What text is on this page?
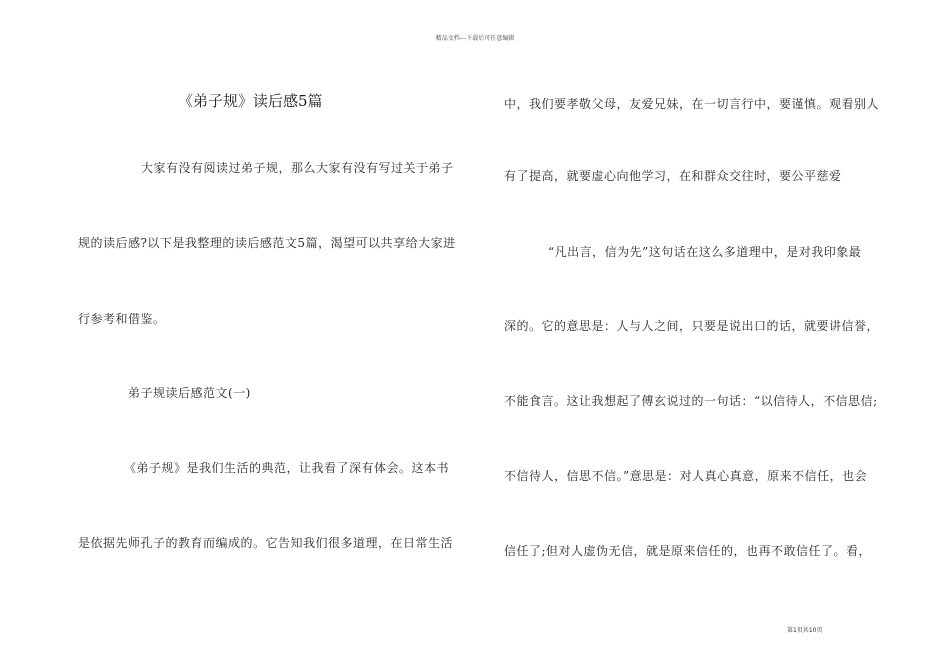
精品文档---下载后可任意编辑
《弟子规》读后感5篇
大家有没有阅读过弟子规，那么大家有没有写过关于弟子
规的读后感?以下是我整理的读后感范文5篇，渴望可以共享给大家进
行参考和借鉴。
弟子规读后感范文(一)
《弟子规》是我们生活的典范，让我看了深有体会。这本书
是依据先师孔子的教育而编成的。它告知我们很多道理，在日常生活
中，我们要孝敬父母，友爱兄妹，在一切言行中，要谨慎。观看别人
有了提高，就要虚心向他学习，在和群众交往时，要公平慈爱
“凡出言，信为先”这句话在这么多道理中，是对我印象最
深的。它的意思是：人与人之间，只要是说出口的话，就要讲信誉，
不能食言。这让我想起了傅玄说过的一句话：“以信待人，不信思信;
不信待人，信思不信。”意思是：对人真心真意，原来不信任，也会
信任了;但对人虚伪无信，就是原来信任的，也再不敢信任了。看，
第1页共10页
